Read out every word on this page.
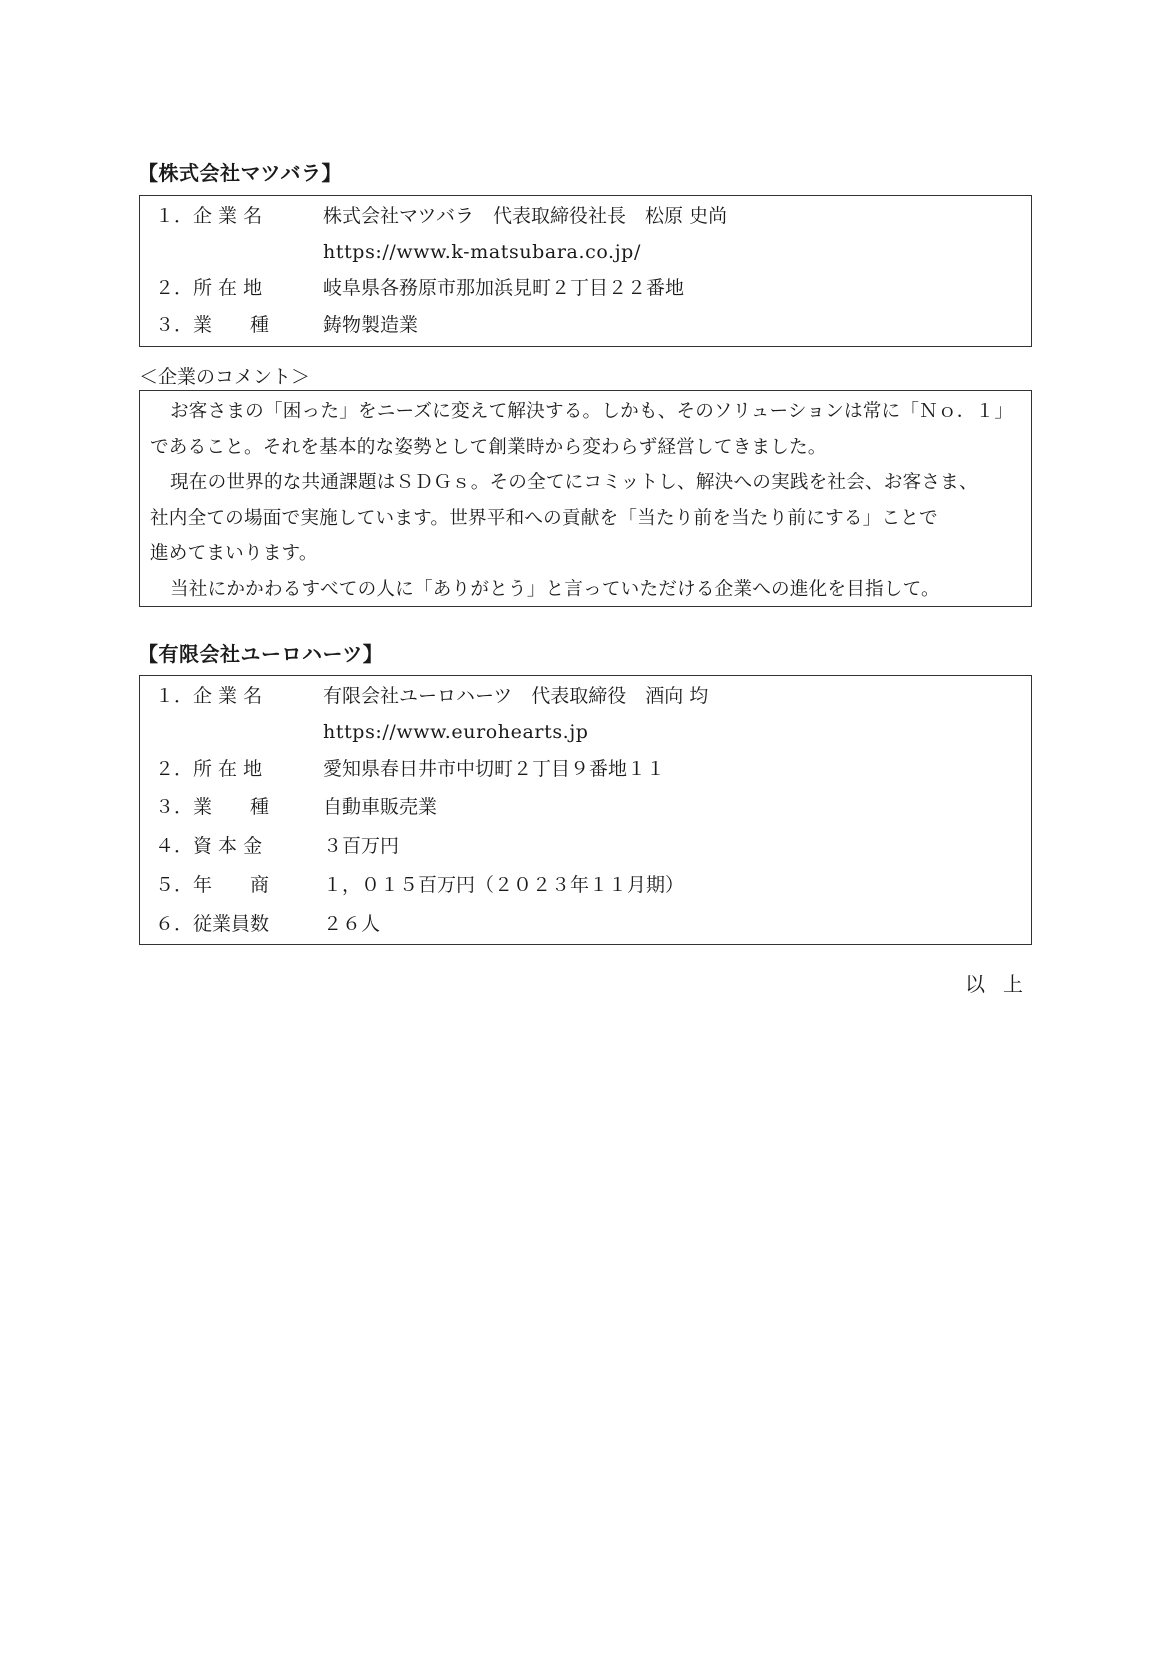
【株式会社マツバラ】
１．企 業 名	株式会社マツバラ　代表取締役社長　松原 史尚
https://www.k-matsubara.co.jp/
２．所 在 地	岐阜県各務原市那加浜見町２丁目２２番地
３．業　　種	鋳物製造業
＜企業のコメント＞
お客さまの「困った」をニーズに変えて解決する。しかも、そのソリューションは常に「Ｎｏ．１」
であること。それを基本的な姿勢として創業時から変わらず経営してきました。
現在の世界的な共通課題はＳＤＧｓ。その全てにコミットし、解決への実践を社会、お客さま、
社内全ての場面で実施しています。世界平和への貢献を「当たり前を当たり前にする」ことで
進めてまいります。
当社にかかわるすべての人に「ありがとう」と言っていただける企業への進化を目指して。
【有限会社ユーロハーツ】
１．企 業 名	有限会社ユーロハーツ　代表取締役　酒向 均
https://www.eurohearts.jp
２．所 在 地	愛知県春日井市中切町２丁目９番地１１
３．業　　種	自動車販売業
４．資 本 金	３百万円
５．年　　商	１，０１５百万円（２０２３年１１月期）
６．従業員数	２６人
以上
